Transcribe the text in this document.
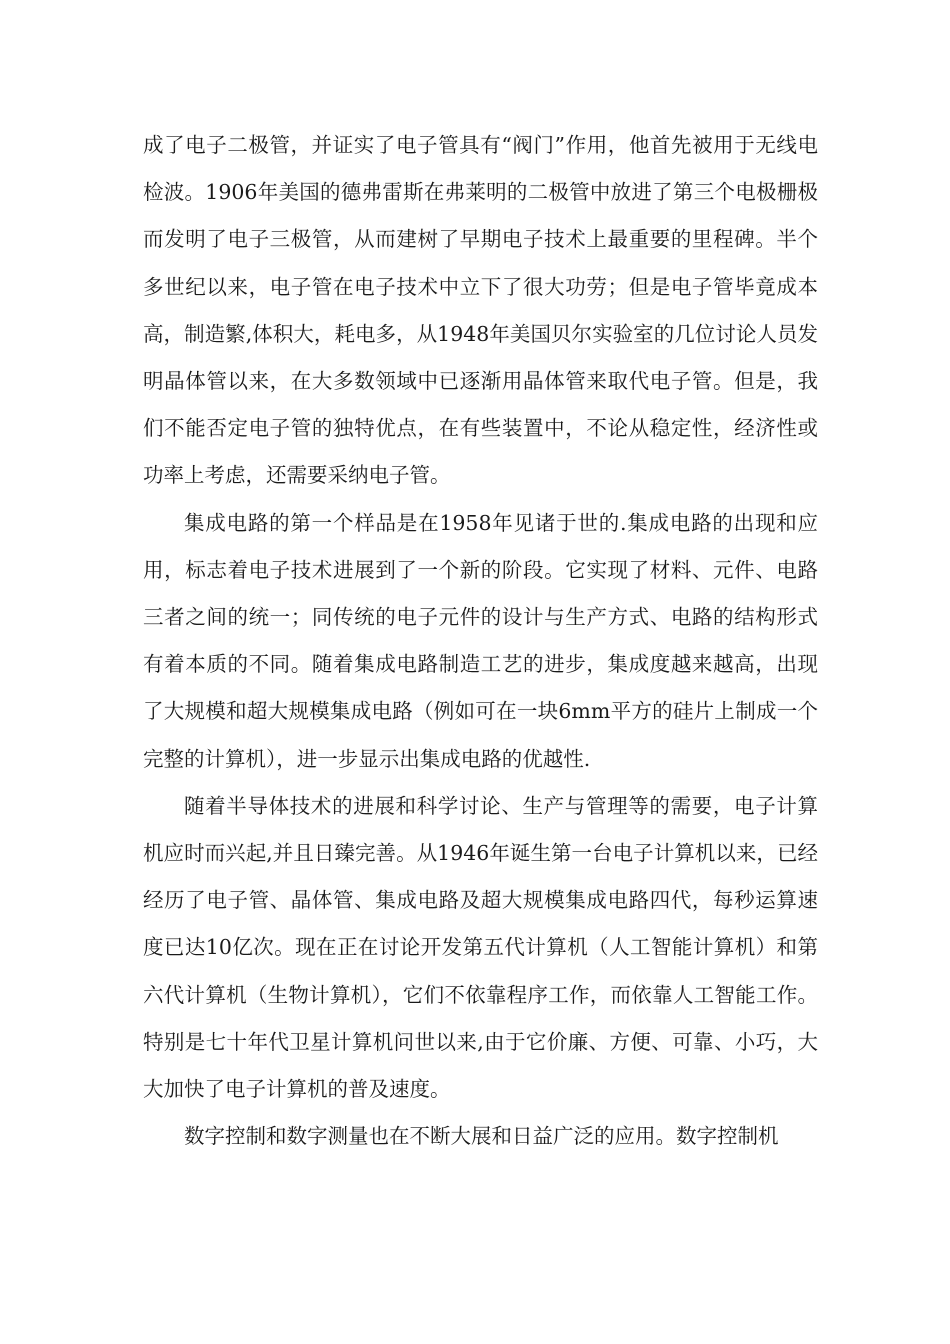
成了电子二极管，并证实了电子管具有“阀门”作用，他首先被用于无线电检波。1906年美国的德弗雷斯在弗莱明的二极管中放进了第三个电极栅极而发明了电子三极管，从而建树了早期电子技术上最重要的里程碑。半个多世纪以来，电子管在电子技术中立下了很大功劳；但是电子管毕竟成本高，制造繁,体积大，耗电多，从1948年美国贝尔实验室的几位讨论人员发明晶体管以来，在大多数领域中已逐渐用晶体管来取代电子管。但是，我们不能否定电子管的独特优点，在有些装置中，不论从稳定性，经济性或功率上考虑，还需要采纳电子管。

集成电路的第一个样品是在1958年见诸于世的.集成电路的出现和应用，标志着电子技术进展到了一个新的阶段。它实现了材料、元件、电路三者之间的统一；同传统的电子元件的设计与生产方式、电路的结构形式有着本质的不同。随着集成电路制造工艺的进步，集成度越来越高，出现了大规模和超大规模集成电路（例如可在一块6mm平方的硅片上制成一个完整的计算机），进一步显示出集成电路的优越性.

随着半导体技术的进展和科学讨论、生产与管理等的需要，电子计算机应时而兴起,并且日臻完善。从1946年诞生第一台电子计算机以来，已经经历了电子管、晶体管、集成电路及超大规模集成电路四代，每秒运算速度已达10亿次。现在正在讨论开发第五代计算机（人工智能计算机）和第六代计算机（生物计算机），它们不依靠程序工作，而依靠人工智能工作。特别是七十年代卫星计算机问世以来,由于它价廉、方便、可靠、小巧，大大加快了电子计算机的普及速度。

数字控制和数字测量也在不断大展和日益广泛的应用。数字控制机
